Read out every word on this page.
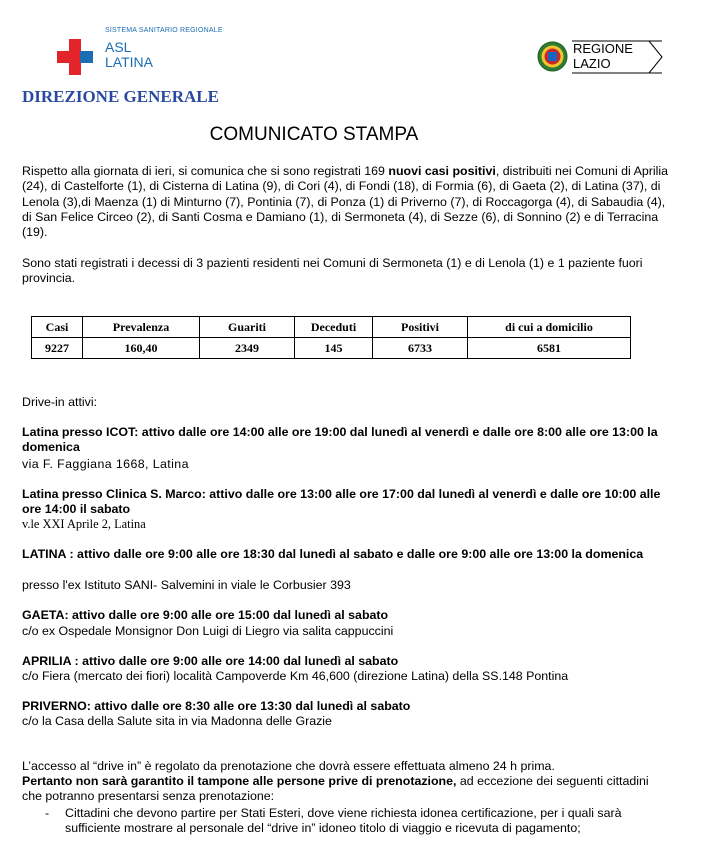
SISTEMA SANITARIO REGIONALE
ASL
LATINA
REGIONE
LAZIO
DIREZIONE GENERALE
COMUNICATO STAMPA
Rispetto alla giornata di ieri, si comunica che si sono registrati 169 nuovi casi positivi, distribuiti nei Comuni di Aprilia (24), di Castelforte (1), di Cisterna di Latina (9), di Cori (4), di Fondi (18), di Formia (6), di Gaeta (2), di Latina (37), di Lenola (3),di Maenza (1) di Minturno (7), Pontinia (7), di Ponza (1) di Priverno (7), di Roccagorga (4), di Sabaudia (4), di San Felice Circeo (2), di Santi Cosma e Damiano (1), di Sermoneta (4), di Sezze (6), di Sonnino (2) e di Terracina (19).
Sono stati registrati i decessi di 3 pazienti residenti nei Comuni di Sermoneta (1) e di Lenola (1) e 1 paziente fuori provincia.
Casi	Prevalenza	Guariti	Deceduti	Positivi	di cui a domicilio
9227	160,40	2349	145	6733	6581
Drive-in attivi:
Latina presso ICOT: attivo dalle ore 14:00 alle ore 19:00 dal lunedì al venerdì e dalle ore 8:00 alle ore 13:00 la domenica
via F. Faggiana 1668, Latina
Latina presso Clinica S. Marco: attivo dalle ore 13:00 alle ore 17:00 dal lunedì al venerdì e dalle ore 10:00 alle ore 14:00 il sabato
v.le XXI Aprile 2, Latina
LATINA : attivo dalle ore 9:00 alle ore 18:30 dal lunedì al sabato e dalle ore 9:00 alle ore 13:00 la domenica
presso l'ex Istituto SANI- Salvemini in viale le Corbusier 393
GAETA: attivo dalle ore 9:00 alle ore 15:00 dal lunedì al sabato
c/o ex Ospedale Monsignor Don Luigi di Liegro via salita cappuccini
APRILIA : attivo dalle ore 9:00 alle ore 14:00 dal lunedì al sabato
c/o Fiera (mercato dei fiori) località Campoverde Km 46,600 (direzione Latina) della SS.148 Pontina
PRIVERNO: attivo dalle ore 8:30 alle ore 13:30 dal lunedì al sabato
c/o la Casa della Salute sita in via Madonna delle Grazie
L’accesso al “drive in” è regolato da prenotazione che dovrà essere effettuata almeno 24 h prima.
Pertanto non sarà garantito il tampone alle persone prive di prenotazione, ad eccezione dei seguenti cittadini che potranno presentarsi senza prenotazione:
- Cittadini che devono partire per Stati Esteri, dove viene richiesta idonea certificazione, per i quali sarà sufficiente mostrare al personale del “drive in” idoneo titolo di viaggio e ricevuta di pagamento;
